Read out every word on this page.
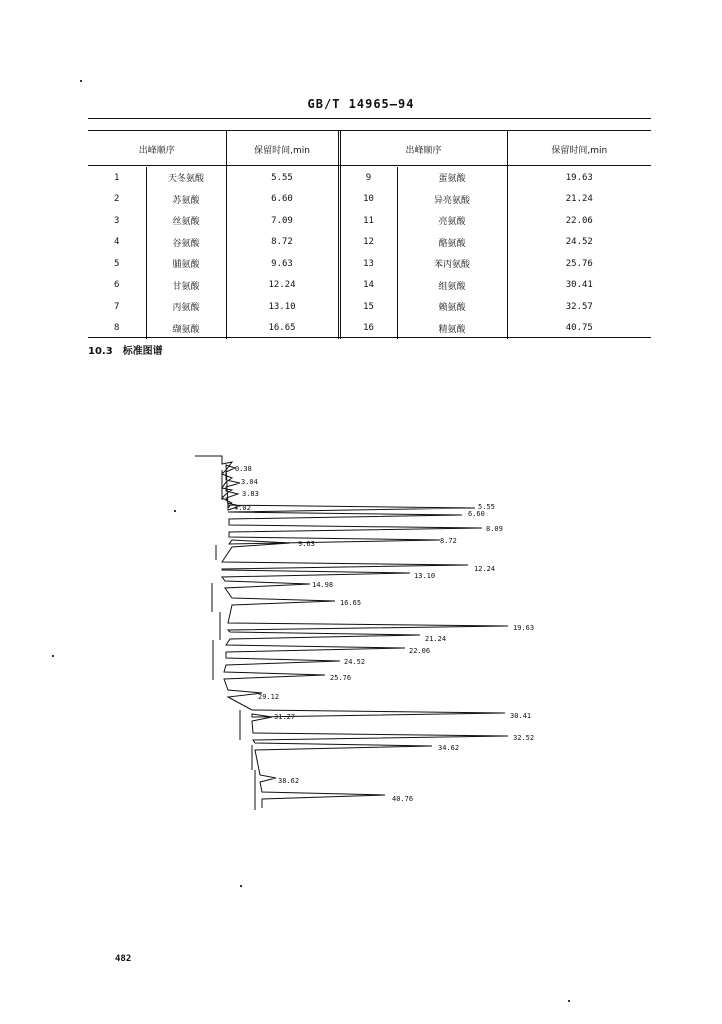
GB/T 14965—94
出峰顺序		保留时间,min	出峰顺序		保留时间,min
1	天冬氨酸	5.55	9	蛋氨酸	19.63
2	苏氨酸	6.60	10	异亮氨酸	21.24
3	丝氨酸	7.09	11	亮氨酸	22.06
4	谷氨酸	8.72	12	酪氨酸	24.52
5	脯氨酸	9.63	13	苯丙氨酸	25.76
6	甘氨酸	12.24	14	组氨酸	30.41
7	丙氨酸	13.10	15	赖氨酸	32.57
8	缬氨酸	16.65	16	精氨酸	40.75
10.3 标准图谱
0.38
3.04
3.83
4.02	5.55
6.60
8.09
8.72
9.63
12.24
13.10
14.98
16.65
19.63
21.24
22.06
24.52
25.76
29.12
30.41
31.27
32.52
34.62
38.62
40.76
482
